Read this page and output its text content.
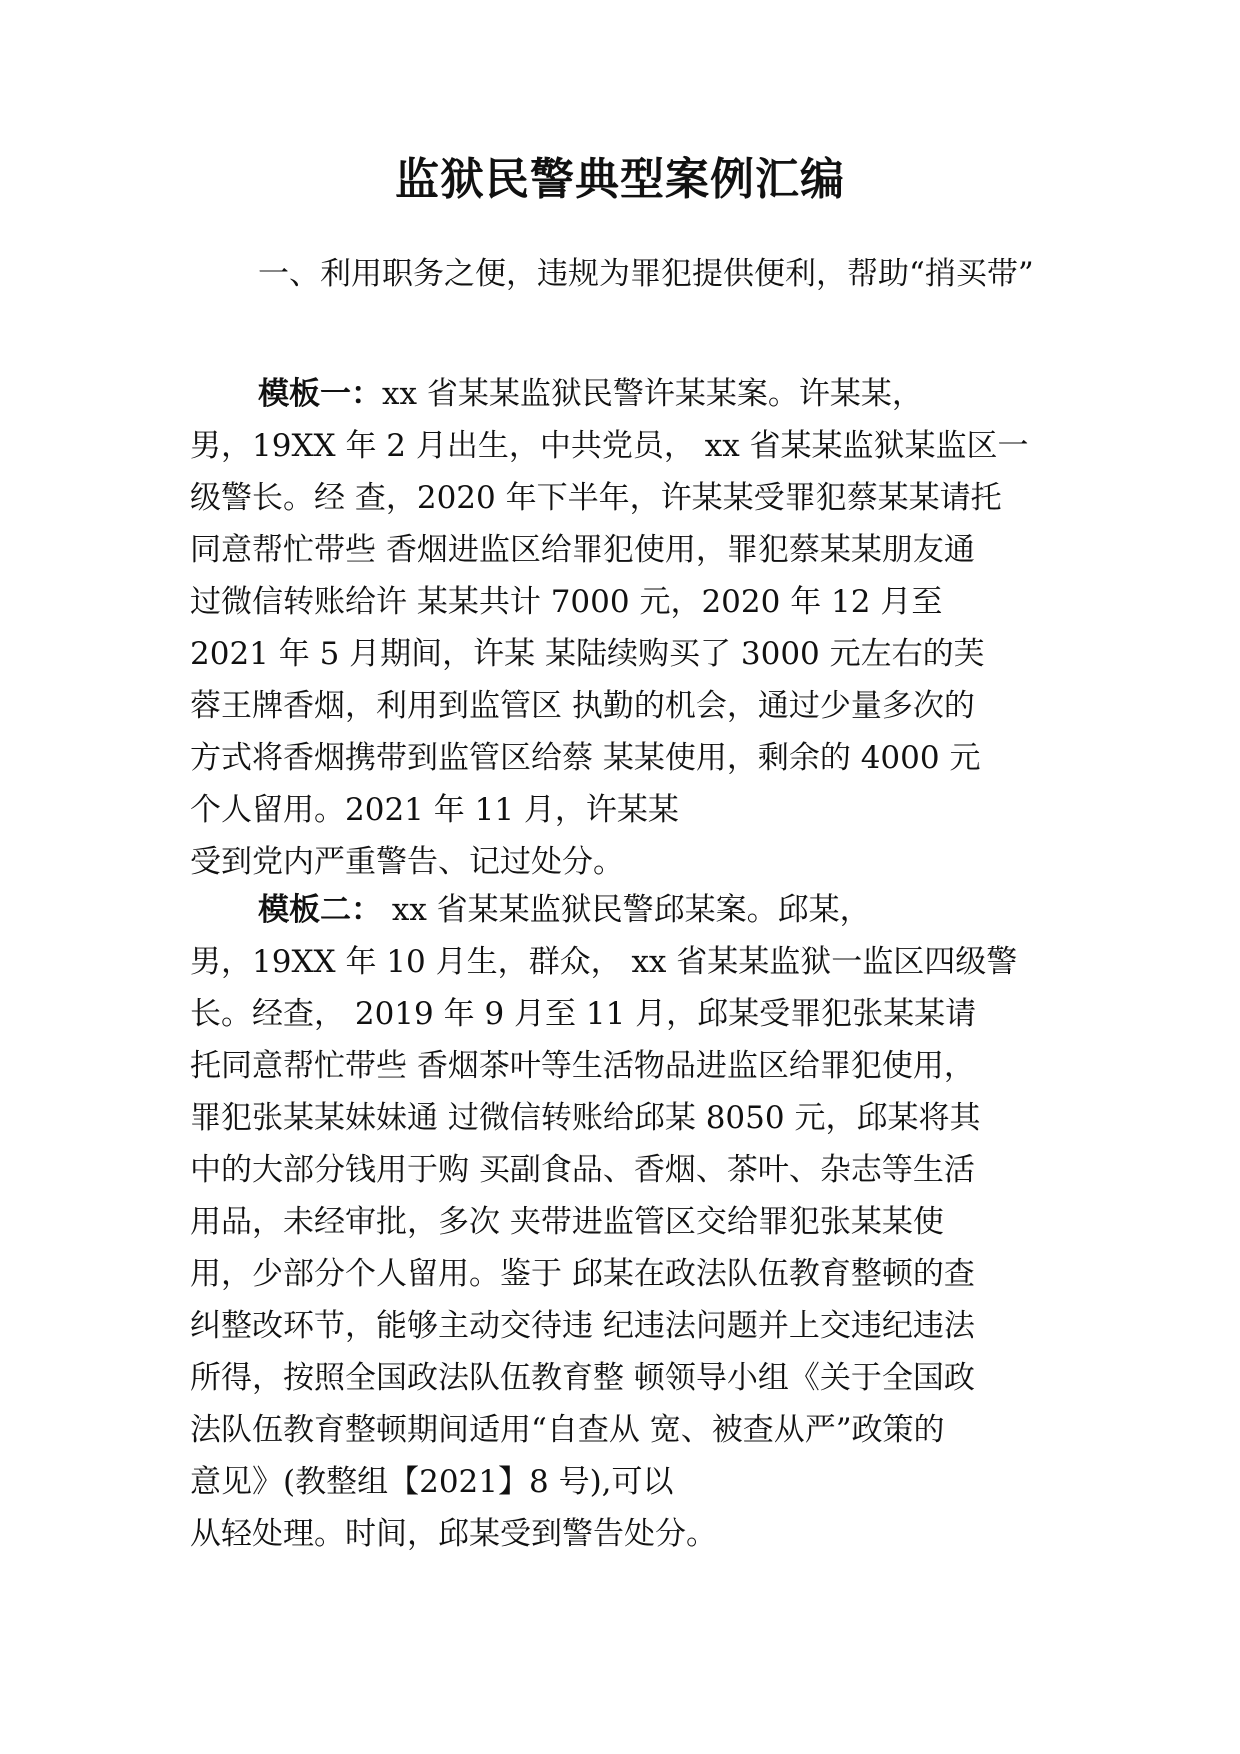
监狱民警典型案例汇编
一、利用职务之便，违规为罪犯提供便利，帮助“捎买带”
模板一：xx 省某某监狱民警许某某案。许某某，
男，19XX 年 2 月出生，中共党员， xx 省某某监狱某监区一
级警长。经 查，2020 年下半年，许某某受罪犯蔡某某请托
同意帮忙带些 香烟进监区给罪犯使用，罪犯蔡某某朋友通
过微信转账给许 某某共计 7000 元，2020 年 12 月至
2021 年 5 月期间，许某 某陆续购买了 3000 元左右的芙
蓉王牌香烟，利用到监管区 执勤的机会，通过少量多次的
方式将香烟携带到监管区给蔡 某某使用，剩余的 4000 元
个人留用。2021 年 11 月，许某某
受到党内严重警告、记过处分。
模板二： xx 省某某监狱民警邱某案。邱某，
男，19XX 年 10 月生，群众， xx 省某某监狱一监区四级警
长。经查， 2019 年 9 月至 11 月，邱某受罪犯张某某请
托同意帮忙带些 香烟茶叶等生活物品进监区给罪犯使用，
罪犯张某某妹妹通 过微信转账给邱某 8050 元，邱某将其
中的大部分钱用于购 买副食品、香烟、茶叶、杂志等生活
用品，未经审批，多次 夹带进监管区交给罪犯张某某使
用，少部分个人留用。鉴于 邱某在政法队伍教育整顿的查
纠整改环节，能够主动交待违 纪违法问题并上交违纪违法
所得，按照全国政法队伍教育整 顿领导小组《关于全国政
法队伍教育整顿期间适用“自查从 宽、被查从严”政策的
意见》(教整组【2021】8 号),可以
从轻处理。时间，邱某受到警告处分。
